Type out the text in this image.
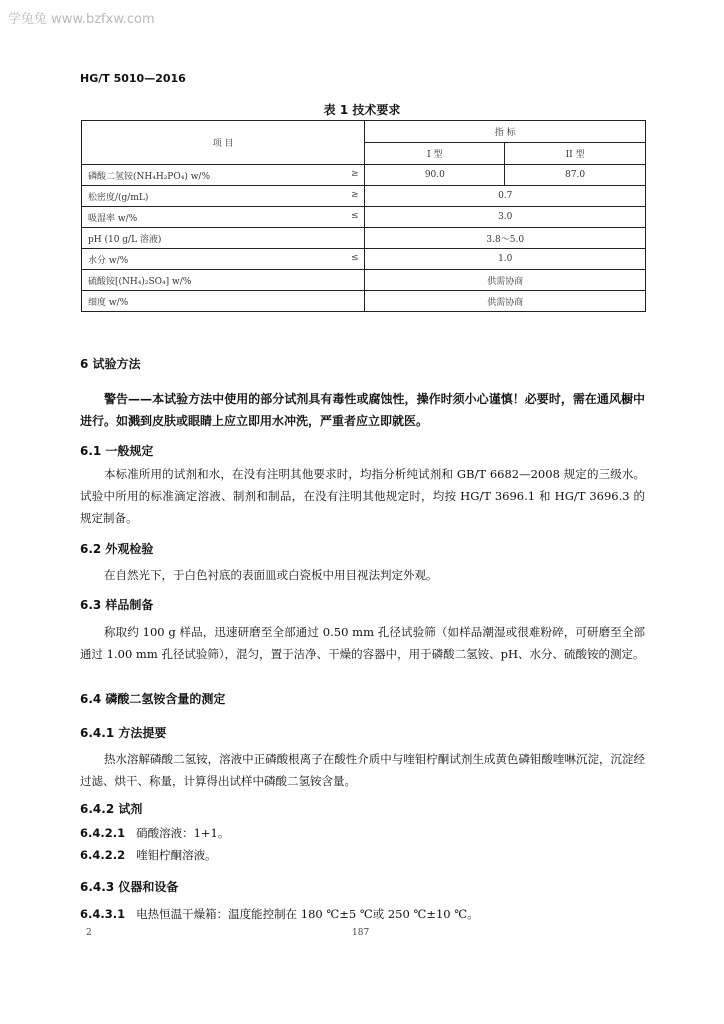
学兔兔 www.bzfxw.com
HG/T 5010—2016
表 1 技术要求
项 目	指 标	
	I 型	II 型
磷酸二氢铵(NH₄H₂PO₄) w/% ≥	90.0	87.0
松密度/(g/mL) ≥	0.7	
吸湿率 w/% ≤	3.0	
pH (10 g/L 溶液)	3.8～5.0	
水分 w/% ≤	1.0	
硫酸铵[(NH₄)₂SO₄] w/%	供需协商	
细度 w/%	供需协商	
6 试验方法
警告——本试验方法中使用的部分试剂具有毒性或腐蚀性，操作时须小心谨慎！必要时，需在通风橱中进行。如溅到皮肤或眼睛上应立即用水冲洗，严重者应立即就医。
6.1 一般规定
本标准所用的试剂和水，在没有注明其他要求时，均指分析纯试剂和 GB/T 6682—2008 规定的三级水。试验中所用的标准滴定溶液、制剂和制品，在没有注明其他规定时，均按 HG/T 3696.1 和 HG/T 3696.3 的规定制备。
6.2 外观检验
在自然光下，于白色衬底的表面皿或白瓷板中用目视法判定外观。
6.3 样品制备
称取约 100 g 样品，迅速研磨至全部通过 0.50 mm 孔径试验筛（如样品潮湿或很难粉碎，可研磨至全部通过 1.00 mm 孔径试验筛），混匀，置于洁净、干燥的容器中，用于磷酸二氢铵、pH、水分、硫酸铵的测定。
6.4 磷酸二氢铵含量的测定
6.4.1 方法提要
热水溶解磷酸二氢铵，溶液中正磷酸根离子在酸性介质中与喹钼柠酮试剂生成黄色磷钼酸喹啉沉淀，沉淀经过滤、烘干、称量，计算得出试样中磷酸二氢铵含量。
6.4.2 试剂
6.4.2.1 硝酸溶液：1+1。
6.4.2.2 喹钼柠酮溶液。
6.4.3 仪器和设备
6.4.3.1 电热恒温干燥箱：温度能控制在 180 ℃±5 ℃或 250 ℃±10 ℃。
2	187
